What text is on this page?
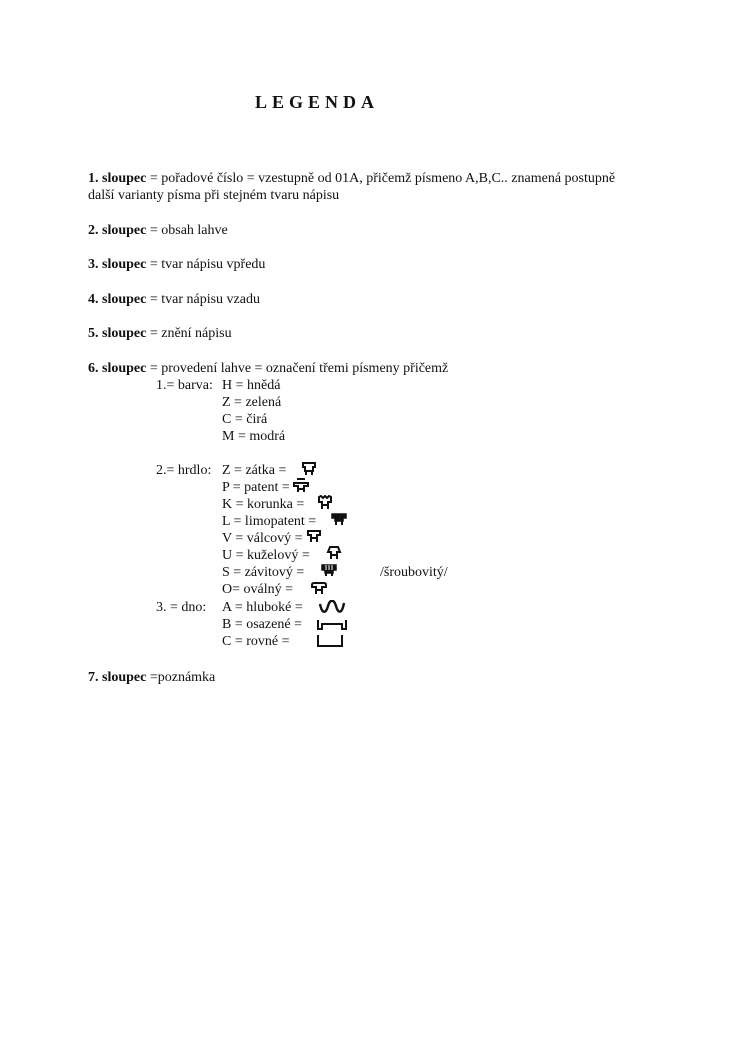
LEGENDA
1. sloupec = pořadové číslo = vzestupně od 01A, přičemž písmeno A,B,C.. znamená postupně
další varianty písma při stejném tvaru nápisu
2. sloupec = obsah lahve
3. sloupec = tvar nápisu vpředu
4. sloupec = tvar nápisu vzadu
5. sloupec = znění nápisu
6. sloupec = provedení lahve = označení třemi písmeny přičemž
1.= barva: H = hnědá
Z = zelená
C = čirá
M = modrá
2.= hrdlo: Z = zátka =
P = patent =
K = korunka =
L = limopatent =
V = válcový =
U = kuželový =
S = závitový =	/šroubovitý/
O= oválný =
3. = dno: A = hluboké =
B = osazené =
C = rovné =
7. sloupec =poznámka
